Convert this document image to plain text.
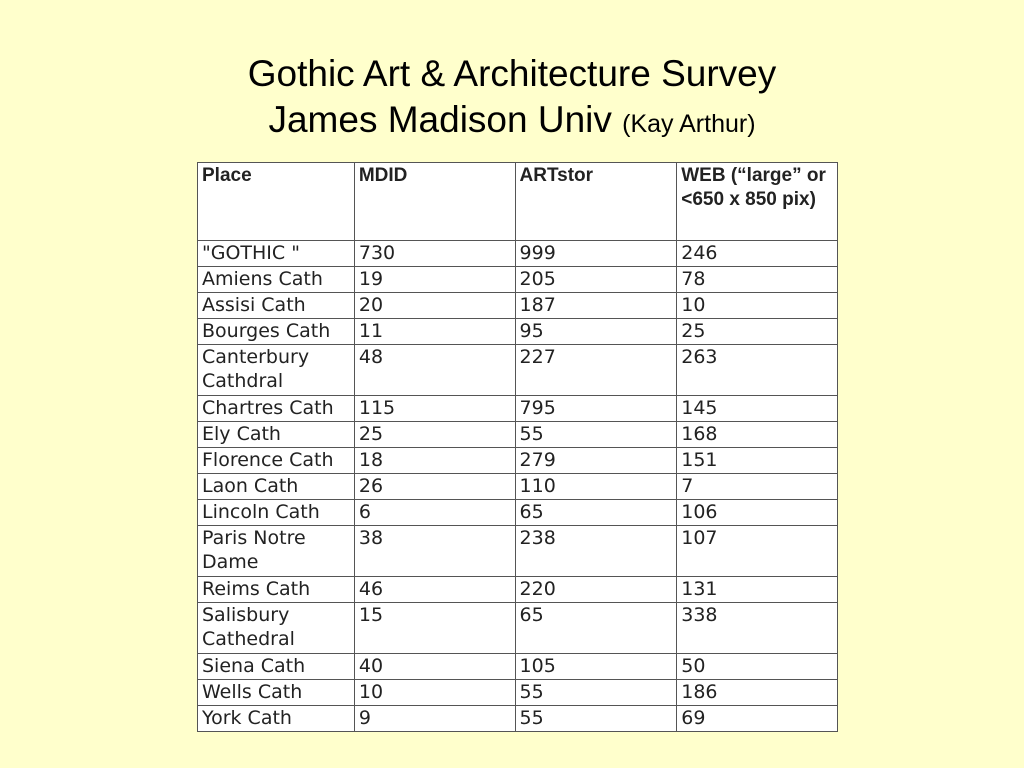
Gothic Art & Architecture Survey
James Madison Univ (Kay Arthur)
Place	MDID	ARTstor	WEB (“large” or <650 x 850 pix)
"GOTHIC "	730	999	246
Amiens Cath	19	205	78
Assisi Cath	20	187	10
Bourges Cath	11	95	25
Canterbury Cathdral	48	227	263
Chartres Cath	115	795	145
Ely Cath	25	55	168
Florence Cath	18	279	151
Laon Cath	26	110	7
Lincoln Cath	6	65	106
Paris Notre Dame	38	238	107
Reims Cath	46	220	131
Salisbury Cathedral	15	65	338
Siena Cath	40	105	50
Wells Cath	10	55	186
York Cath	9	55	69
